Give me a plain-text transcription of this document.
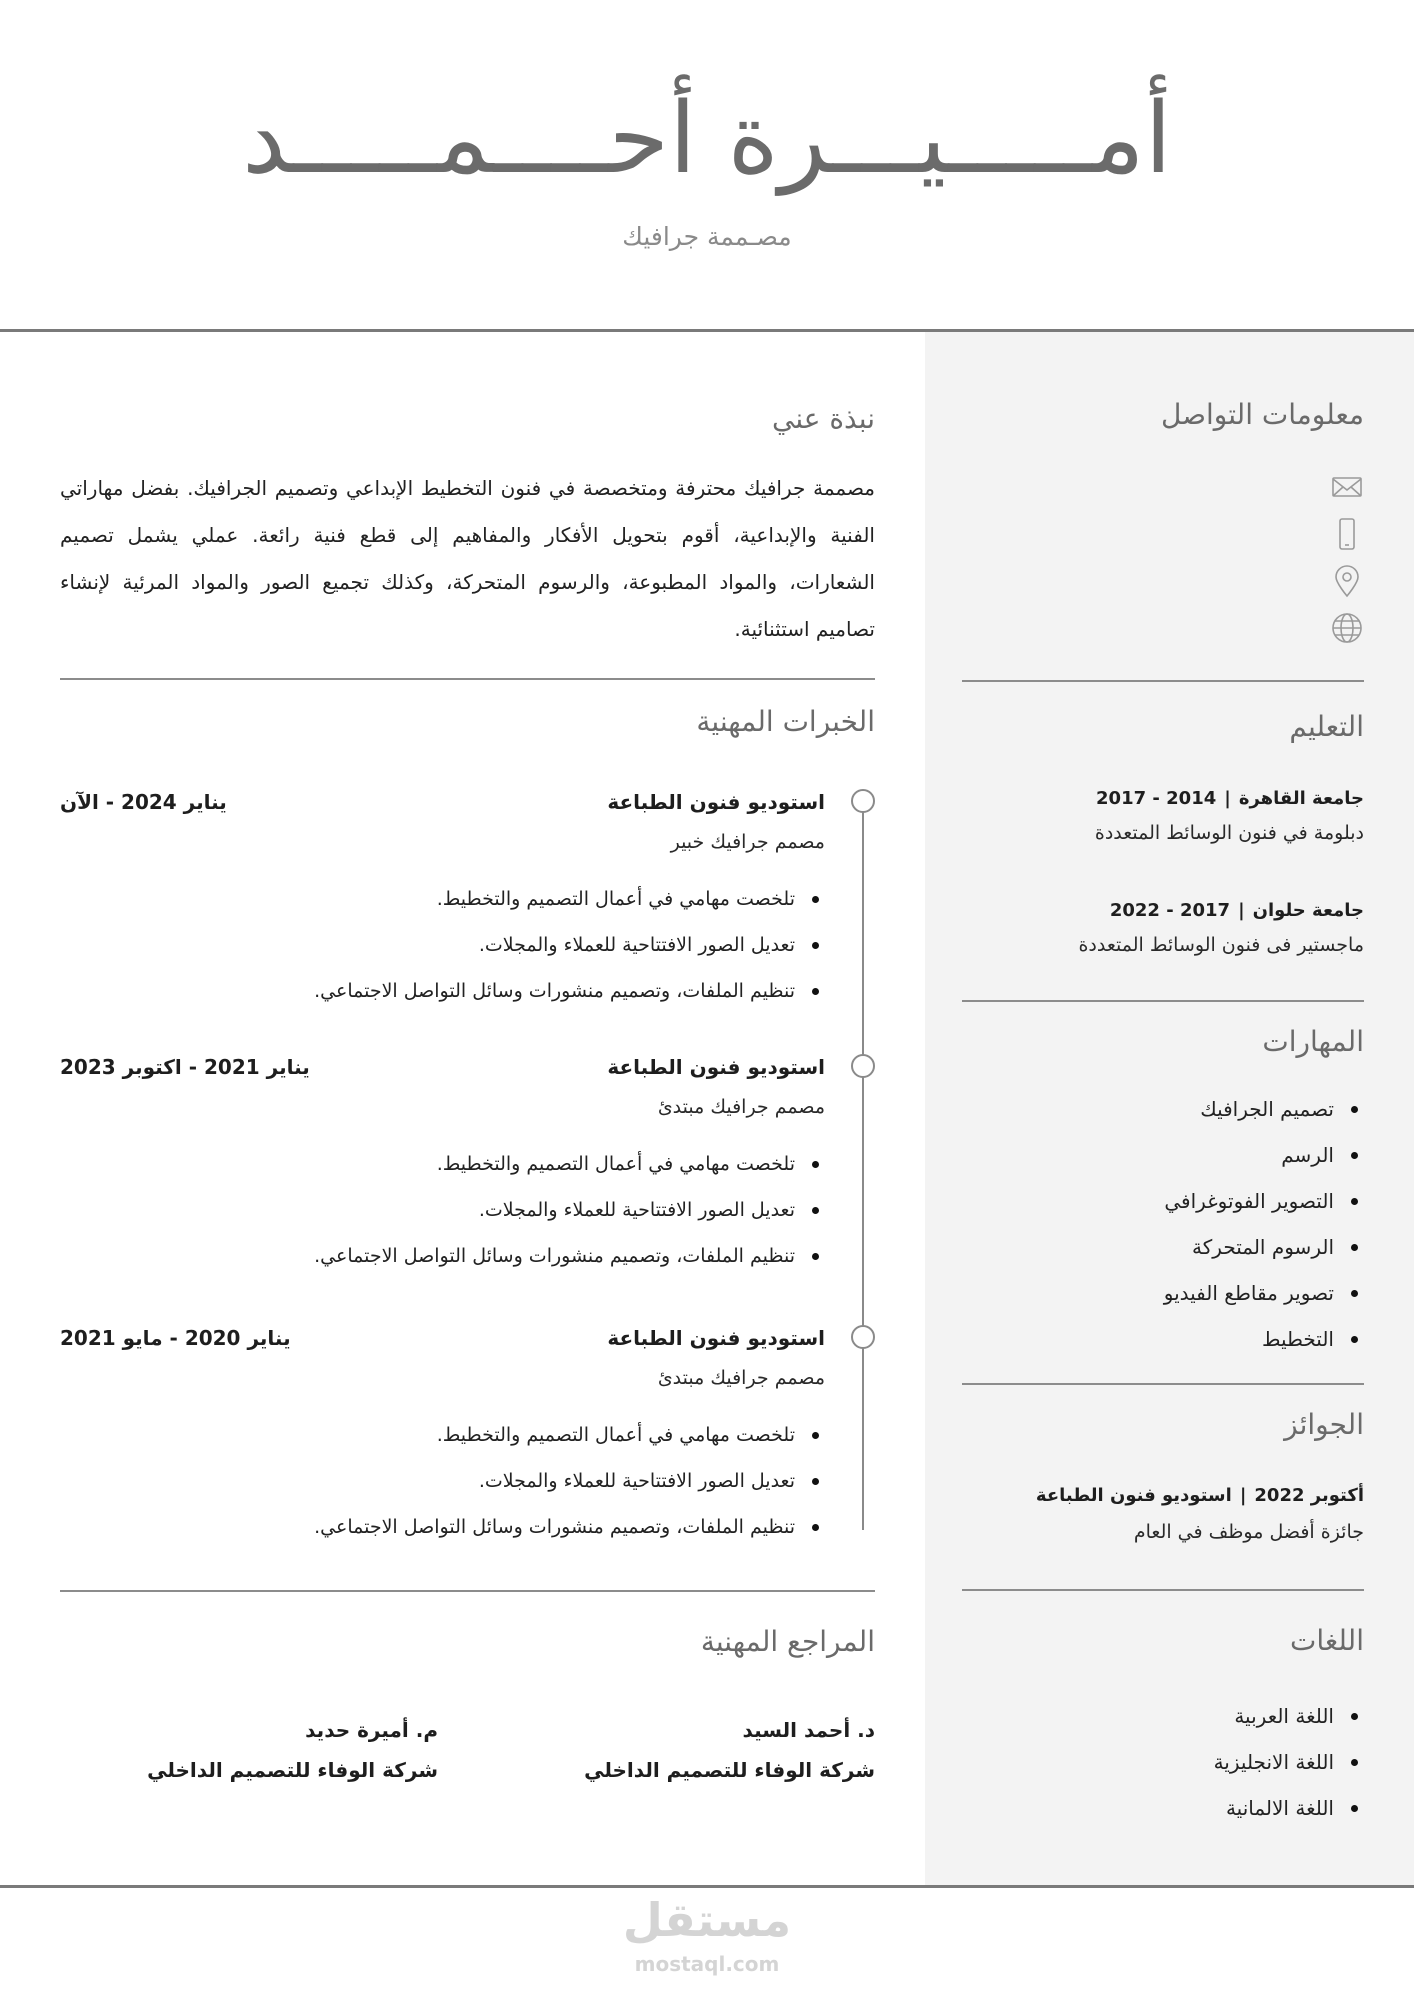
أمـــــيـــرة أحــــمـــــد
مصـممة جرافيك
معلومات التواصل
التعليم
جامعة القاهرة|2014 - 2017
دبلومة في فنون الوسائط المتعددة
جامعة حلوان|2017 - 2022
ماجستير فى فنون الوسائط المتعددة
المهارات
تصميم الجرافيك
الرسم
التصوير الفوتوغرافي
الرسوم المتحركة
تصوير مقاطع الفيديو
التخطيط
الجوائز
أكتوبر 2022|استوديو فنون الطباعة
جائزة أفضل موظف في العام
اللغات
اللغة العربية
اللغة الانجليزية
اللغة الالمانية
نبذة عني

مصممة جرافيك محترفة ومتخصصة في فنون التخطيط الإبداعي وتصميم الجرافيك. بفضل مهاراتي الفنية والإبداعية، أقوم بتحويل الأفكار والمفاهيم إلى قطع فنية رائعة. عملي يشمل تصميم الشعارات، والمواد المطبوعة، والرسوم المتحركة، وكذلك تجميع الصور والمواد المرئية لإنشاء تصاميم استثنائية.

الخبرات المهنية
استوديو فنون الطباعة
يناير 2024 - الآن
مصمم جرافيك خبير
تلخصت مهامي في أعمال التصميم والتخطيط.
تعديل الصور الافتتاحية للعملاء والمجلات.
تنظيم الملفات، وتصميم منشورات وسائل التواصل الاجتماعي.
استوديو فنون الطباعة
يناير 2021 - اكتوبر 2023
مصمم جرافيك مبتدئ
تلخصت مهامي في أعمال التصميم والتخطيط.
تعديل الصور الافتتاحية للعملاء والمجلات.
تنظيم الملفات، وتصميم منشورات وسائل التواصل الاجتماعي.
استوديو فنون الطباعة
يناير 2020 - مايو 2021
مصمم جرافيك مبتدئ
تلخصت مهامي في أعمال التصميم والتخطيط.
تعديل الصور الافتتاحية للعملاء والمجلات.
تنظيم الملفات، وتصميم منشورات وسائل التواصل الاجتماعي.
المراجع المهنية
د. أحمد السيد
شركة الوفاء للتصميم الداخلي
م. أميرة حديد
شركة الوفاء للتصميم الداخلي
مستقل
mostaql.com
